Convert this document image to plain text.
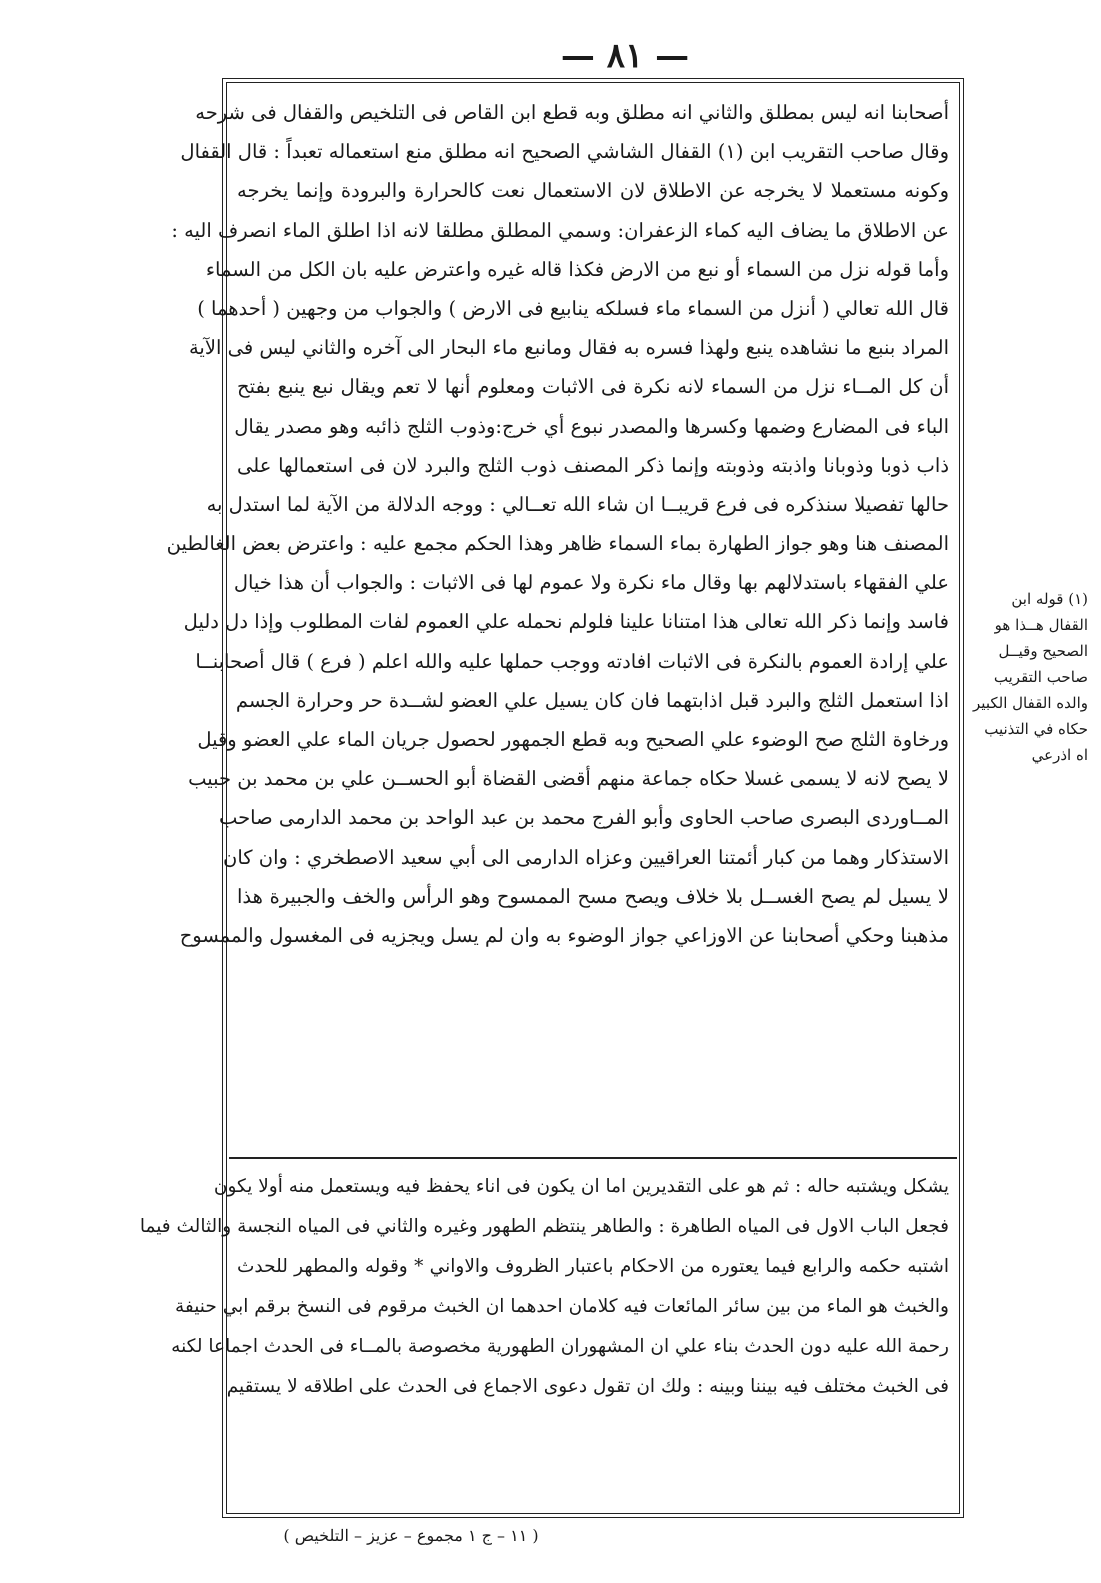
— ٨١ —
أصحابنا انه ليس بمطلق والثاني انه مطلق وبه قطع ابن القاص فى التلخيص والقفال فى شرحه
وقال صاحب التقريب ابن (١) القفال الشاشي الصحيح انه مطلق منع استعماله تعبداً : قال القفال
وكونه مستعملا لا يخرجه عن الاطلاق لان الاستعمال نعت كالحرارة والبرودة وإنما يخرجه
عن الاطلاق ما يضاف اليه كماء الزعفران: وسمي المطلق مطلقا لانه اذا اطلق الماء انصرف اليه :
وأما قوله نزل من السماء أو نبع من الارض فكذا قاله غيره واعترض عليه بان الكل من السماء
قال الله تعالي ( أنزل من السماء ماء فسلكه ينابيع فى الارض ) والجواب من وجهين ( أحدهما )
المراد بنبع ما نشاهده ينبع ولهذا فسره به فقال ومانبع ماء البحار الى آخره والثاني ليس فى الآية
أن كل المــاء نزل من السماء لانه نكرة فى الاثبات ومعلوم أنها لا تعم ويقال نبع ينبع بفتح
الباء فى المضارع وضمها وكسرها والمصدر نبوع أي خرج:وذوب الثلج ذائبه وهو مصدر يقال
ذاب ذوبا وذوبانا واذبته وذوبته وإنما ذكر المصنف ذوب الثلج والبرد لان فى استعمالها على
حالها تفصيلا سنذكره فى فرع قريبــا ان شاء الله تعــالي : ووجه الدلالة من الآية لما استدل به
المصنف هنا وهو جواز الطهارة بماء السماء ظاهر وهذا الحكم مجمع عليه : واعترض بعض الغالطين
علي الفقهاء باستدلالهم بها وقال ماء نكرة ولا عموم لها فى الاثبات : والجواب أن هذا خيال
فاسد وإنما ذكر الله تعالى هذا امتنانا علينا فلولم نحمله علي العموم لفات المطلوب وإذا دل دليل
علي إرادة العموم بالنكرة فى الاثبات افادته ووجب حملها عليه والله اعلم ( فرع ) قال أصحابنــا
اذا استعمل الثلج والبرد قبل اذابتهما فان كان يسيل علي العضو لشــدة حر وحرارة الجسم
ورخاوة الثلج صح الوضوء علي الصحيح وبه قطع الجمهور لحصول جريان الماء علي العضو وقيل
لا يصح لانه لا يسمى غسلا حكاه جماعة منهم أقضى القضاة أبو الحســن علي بن محمد بن حبيب
المــاوردى البصرى صاحب الحاوى وأبو الفرج محمد بن عبد الواحد بن محمد الدارمى صاحب
الاستذكار وهما من كبار أئمتنا العراقيين وعزاه الدارمى الى أبي سعيد الاصطخري : وان كان
لا يسيل لم يصح الغســل بلا خلاف ويصح مسح الممسوح وهو الرأس والخف والجبيرة هذا
مذهبنا وحكي أصحابنا عن الاوزاعي جواز الوضوء به وان لم يسل ويجزيه فى المغسول والممسوح
يشكل ويشتبه حاله : ثم هو على التقديرين اما ان يكون فى اناء يحفظ فيه ويستعمل منه أولا يكون
فجعل الباب الاول فى المياه الطاهرة : والطاهر ينتظم الطهور وغيره والثاني فى المياه النجسة والثالث فيما
اشتبه حكمه والرابع فيما يعتوره من الاحكام باعتبار الظروف والاواني * وقوله والمطهر للحدث
والخبث هو الماء من بين سائر المائعات فيه كلامان احدهما ان الخبث مرقوم فى النسخ برقم ابي حنيفة
رحمة الله عليه دون الحدث بناء علي ان المشهوران الطهورية مخصوصة بالمــاء فى الحدث اجماعا لكنه
فى الخبث مختلف فيه بيننا وبينه : ولك ان تقول دعوى الاجماع فى الحدث على اطلاقه لا يستقيم
(١) قوله ابن
القفال هــذا هو
الصحيح وقيــل
صاحب التقريب
والده القفال الكبير
حكاه في التذنيب
اه اذرعي
( ١١ – ج ١ مجموع – عزيز – التلخيص )
